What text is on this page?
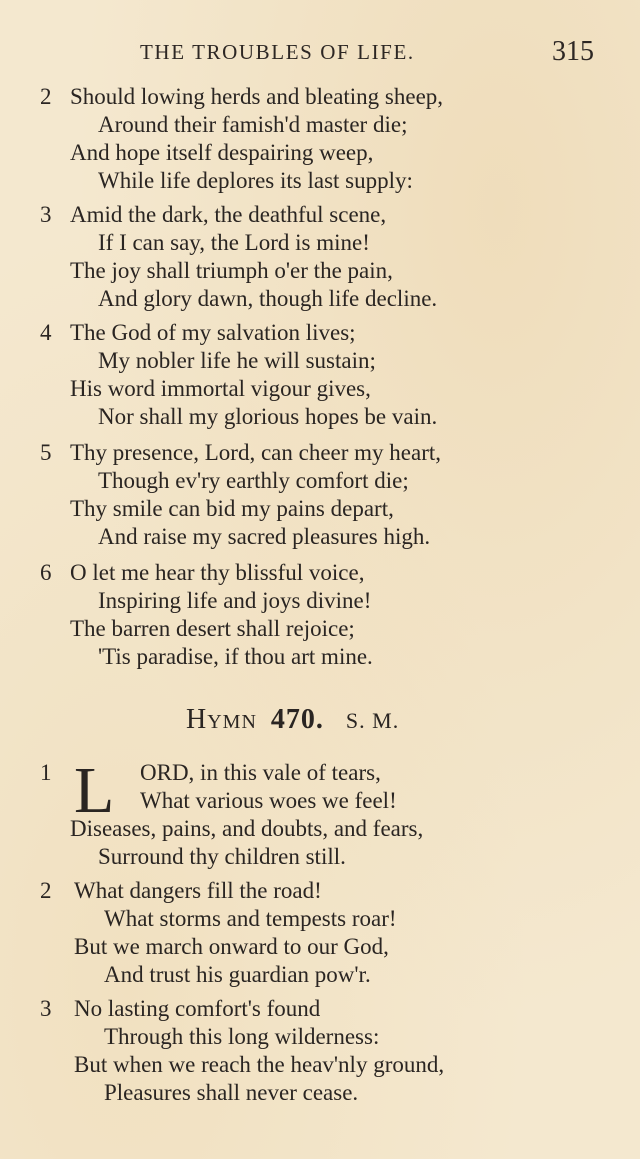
THE TROUBLES OF LIFE.	315
2 Should lowing herds and bleating sheep,
Around their famish'd master die;
And hope itself despairing weep,
While life deplores its last supply:
3 Amid the dark, the deathful scene,
If I can say, the Lord is mine!
The joy shall triumph o'er the pain,
And glory dawn, though life decline.
4 The God of my salvation lives;
My nobler life he will sustain;
His word immortal vigour gives,
Nor shall my glorious hopes be vain.
5 Thy presence, Lord, can cheer my heart,
Though ev'ry earthly comfort die;
Thy smile can bid my pains depart,
And raise my sacred pleasures high.
6 O let me hear thy blissful voice,
Inspiring life and joys divine!
The barren desert shall rejoice;
'Tis paradise, if thou art mine.
Hymn 470. S. M.
1	ORD, in this vale of tears,
What various woes we feel!
Diseases, pains, and doubts, and fears,
Surround thy children still.
L
2 What dangers fill the road!
What storms and tempests roar!
But we march onward to our God,
And trust his guardian pow'r.
3 No lasting comfort's found
Through this long wilderness:
But when we reach the heav'nly ground,
Pleasures shall never cease.
